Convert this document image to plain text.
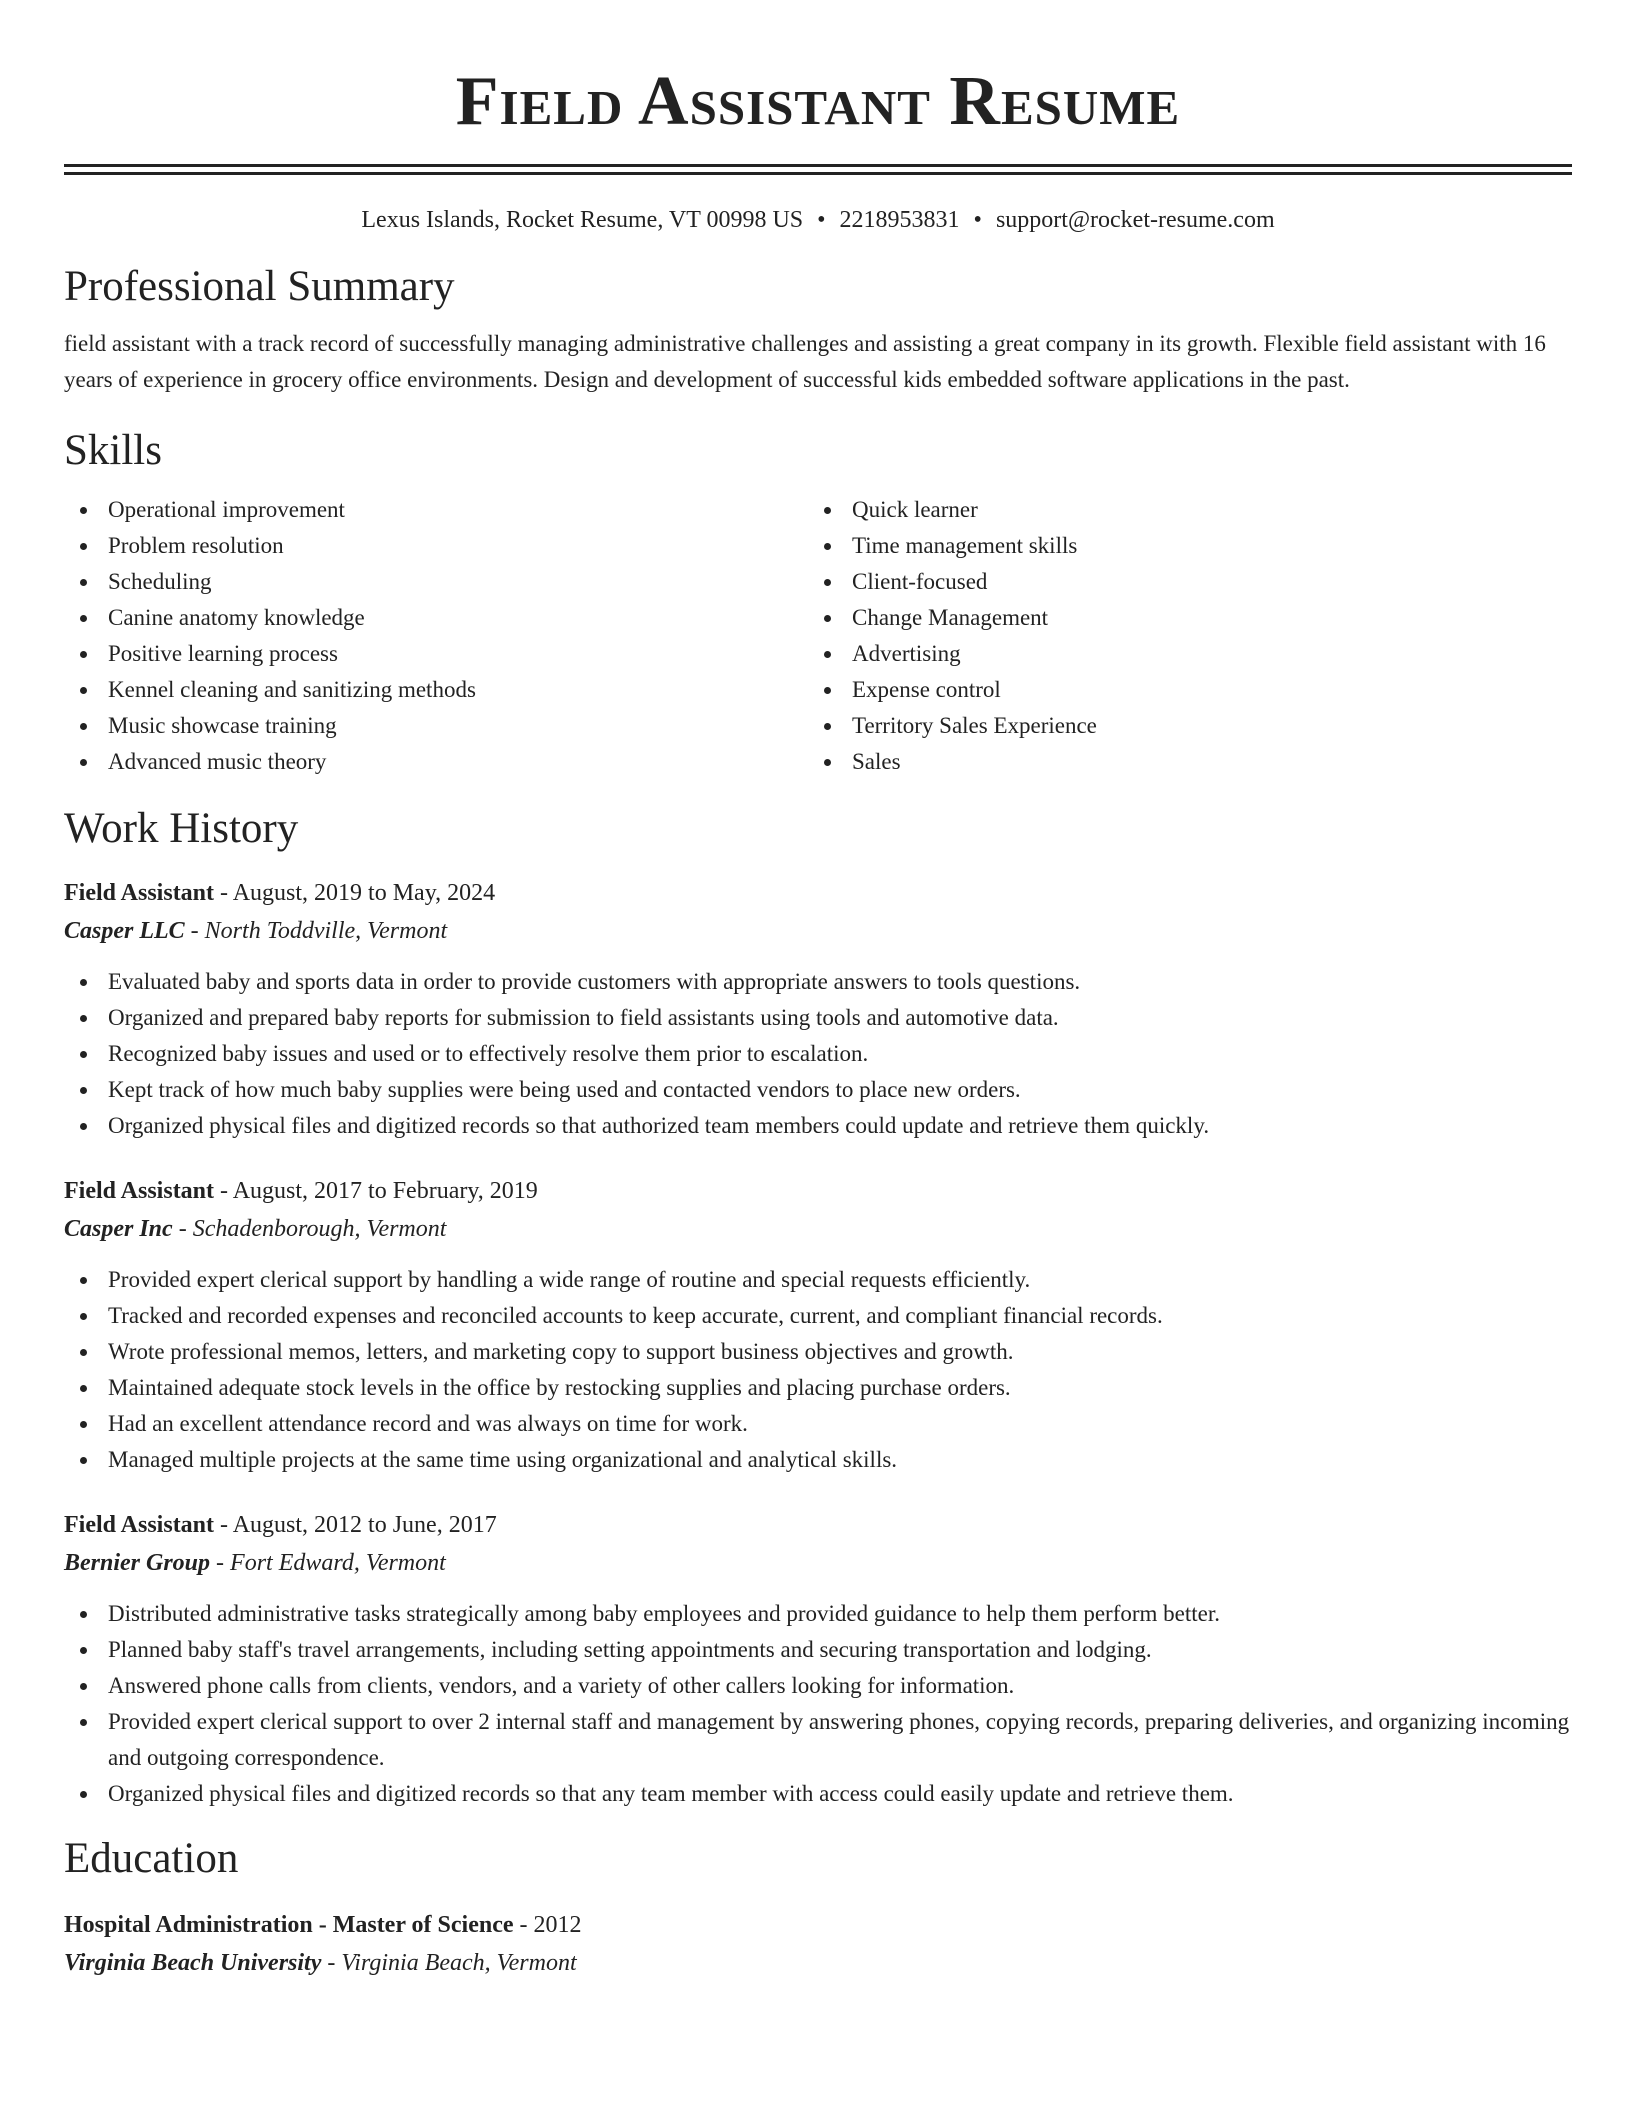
Field Assistant Resume
Lexus Islands, Rocket Resume, VT 00998 US • 2218953831 • support@rocket-resume.com
Professional Summary

field assistant with a track record of successfully managing administrative challenges and assisting a great company in its growth. Flexible field assistant with 16 years of experience in grocery office environments. Design and development of successful kids embedded software applications in the past.

Skills
Operational improvement
Problem resolution
Scheduling
Canine anatomy knowledge
Positive learning process
Kennel cleaning and sanitizing methods
Music showcase training
Advanced music theory
Quick learner
Time management skills
Client-focused
Change Management
Advertising
Expense control
Territory Sales Experience
Sales
Work History
Field Assistant - August, 2019 to May, 2024
Casper LLC - North Toddville, Vermont
Evaluated baby and sports data in order to provide customers with appropriate answers to tools questions.
Organized and prepared baby reports for submission to field assistants using tools and automotive data.
Recognized baby issues and used or to effectively resolve them prior to escalation.
Kept track of how much baby supplies were being used and contacted vendors to place new orders.
Organized physical files and digitized records so that authorized team members could update and retrieve them quickly.
Field Assistant - August, 2017 to February, 2019
Casper Inc - Schadenborough, Vermont
Provided expert clerical support by handling a wide range of routine and special requests efficiently.
Tracked and recorded expenses and reconciled accounts to keep accurate, current, and compliant financial records.
Wrote professional memos, letters, and marketing copy to support business objectives and growth.
Maintained adequate stock levels in the office by restocking supplies and placing purchase orders.
Had an excellent attendance record and was always on time for work.
Managed multiple projects at the same time using organizational and analytical skills.
Field Assistant - August, 2012 to June, 2017
Bernier Group - Fort Edward, Vermont
Distributed administrative tasks strategically among baby employees and provided guidance to help them perform better.
Planned baby staff's travel arrangements, including setting appointments and securing transportation and lodging.
Answered phone calls from clients, vendors, and a variety of other callers looking for information.
Provided expert clerical support to over 2 internal staff and management by answering phones, copying records, preparing deliveries, and organizing incoming and outgoing correspondence.
Organized physical files and digitized records so that any team member with access could easily update and retrieve them.
Education
Hospital Administration - Master of Science - 2012
Virginia Beach University - Virginia Beach, Vermont
